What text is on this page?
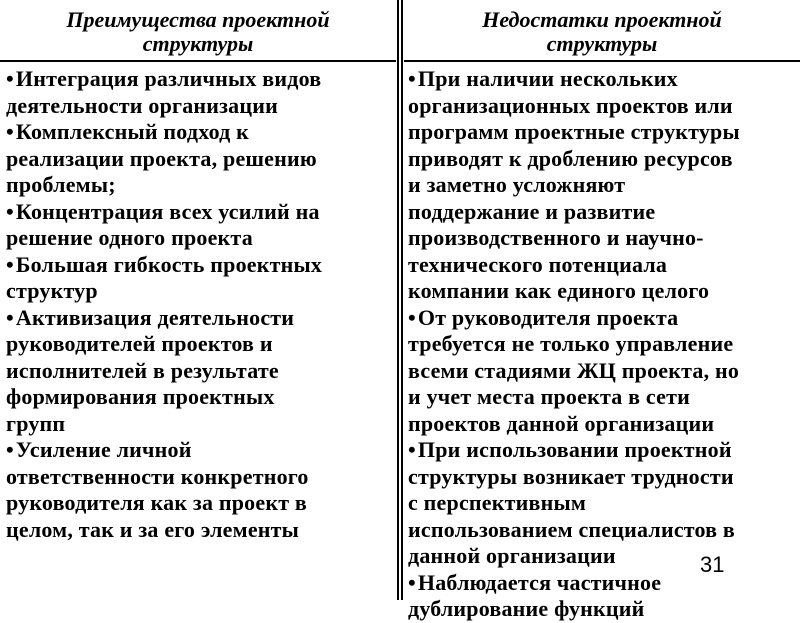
Преимущества проектной
структуры
•Интеграция различных видов
деятельности организации
•Комплексный подход к
реализации проекта, решению
проблемы;
•Концентрация всех усилий на
решение одного проекта
•Большая гибкость проектных
структур
•Активизация деятельности
руководителей проектов и
исполнителей в результате
формирования проектных
групп
•Усиление личной
ответственности конкретного
руководителя как за проект в
целом, так и за его элементы
Недостатки проектной
структуры
•При наличии нескольких
организационных проектов или
программ проектные структуры
приводят к дроблению ресурсов
и заметно усложняют
поддержание и развитие
производственного и научно-
технического потенциала
компании как единого целого
•От руководителя проекта
требуется не только управление
всеми стадиями ЖЦ проекта, но
и учет места проекта в сети
проектов данной организации
•При использовании проектной
структуры возникает трудности
с перспективным
использованием специалистов в
данной организации
•Наблюдается частичное
дублирование функций
31
